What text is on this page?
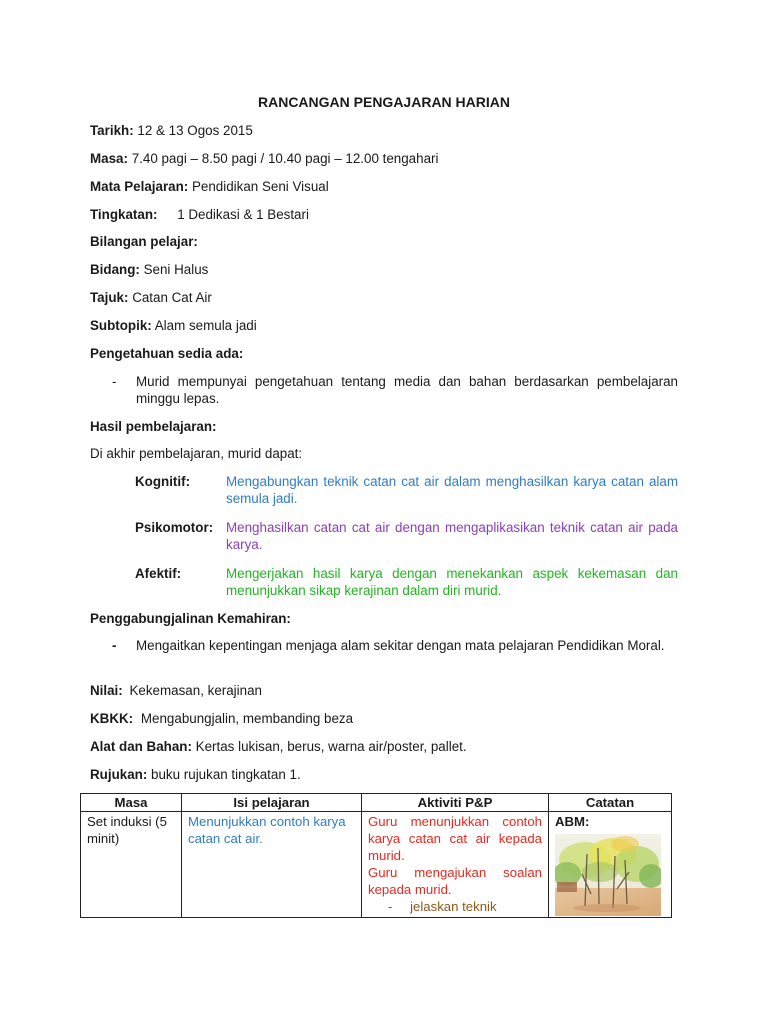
RANCANGAN PENGAJARAN HARIAN
Tarikh: 12 & 13 Ogos 2015
Masa: 7.40 pagi – 8.50 pagi / 10.40 pagi – 12.00 tengahari
Mata Pelajaran: Pendidikan Seni Visual
Tingkatan: 1 Dedikasi & 1 Bestari
Bilangan pelajar:
Bidang: Seni Halus
Tajuk: Catan Cat Air
Subtopik: Alam semula jadi
Pengetahuan sedia ada:
- Murid mempunyai pengetahuan tentang media dan bahan berdasarkan pembelajaran minggu lepas.
Hasil pembelajaran:
Di akhir pembelajaran, murid dapat:
Kognitif:	Mengabungkan teknik catan cat air dalam menghasilkan karya catan alam semula jadi.
Psikomotor: Menghasilkan catan cat air dengan mengaplikasikan teknik catan air pada karya.
Afektif:	Mengerjakan hasil karya dengan menekankan aspek kekemasan dan menunjukkan sikap kerajinan dalam diri murid.
Penggabungjalinan Kemahiran:
- Mengaitkan kepentingan menjaga alam sekitar dengan mata pelajaran Pendidikan Moral.
Nilai: Kekemasan, kerajinan
KBKK: Mengabungjalin, membanding beza
Alat dan Bahan: Kertas lukisan, berus, warna air/poster, pallet.
Rujukan: buku rujukan tingkatan 1.
Masa	Isi pelajaran	Aktiviti P&P	Catatan

Set induksi (5 minit)	Menunjukkan contoh karya catan cat air.	Guru menunjukkan contoh karya catan cat air kepada murid.
Guru mengajukan soalan kepada murid.
- jelaskan teknik	ABM:
